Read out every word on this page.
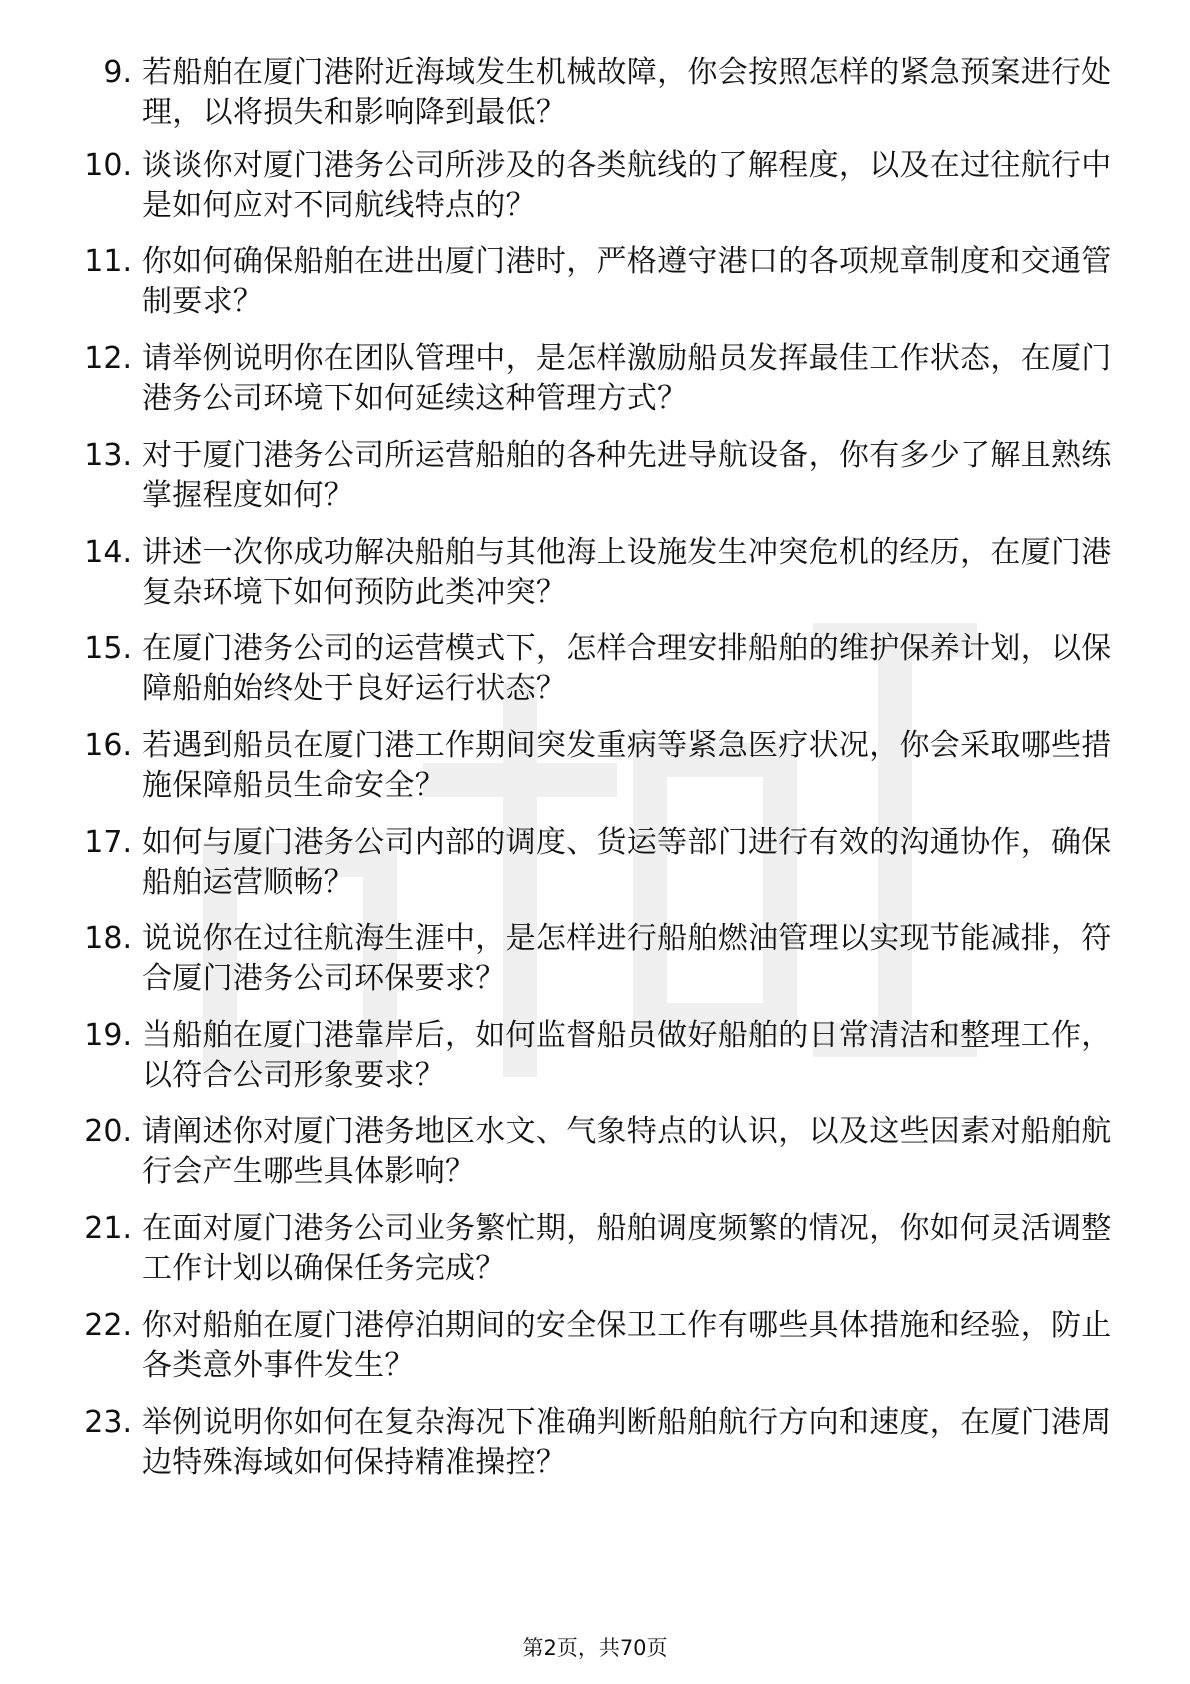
9. 若船舶在厦门港附近海域发生机械故障，你会按照怎样的紧急预案进行处理，以将损失和影响降到最低？
10. 谈谈你对厦门港务公司所涉及的各类航线的了解程度，以及在过往航行中是如何应对不同航线特点的？
11. 你如何确保船舶在进出厦门港时，严格遵守港口的各项规章制度和交通管制要求？
12. 请举例说明你在团队管理中，是怎样激励船员发挥最佳工作状态，在厦门港务公司环境下如何延续这种管理方式？
13. 对于厦门港务公司所运营船舶的各种先进导航设备，你有多少了解且熟练掌握程度如何？
14. 讲述一次你成功解决船舶与其他海上设施发生冲突危机的经历，在厦门港复杂环境下如何预防此类冲突？
15. 在厦门港务公司的运营模式下，怎样合理安排船舶的维护保养计划，以保障船舶始终处于良好运行状态？
16. 若遇到船员在厦门港工作期间突发重病等紧急医疗状况，你会采取哪些措施保障船员生命安全？
17. 如何与厦门港务公司内部的调度、货运等部门进行有效的沟通协作，确保船舶运营顺畅？
18. 说说你在过往航海生涯中，是怎样进行船舶燃油管理以实现节能减排，符合厦门港务公司环保要求？
19. 当船舶在厦门港靠岸后，如何监督船员做好船舶的日常清洁和整理工作，以符合公司形象要求？
20. 请阐述你对厦门港务地区水文、气象特点的认识，以及这些因素对船舶航行会产生哪些具体影响？
21. 在面对厦门港务公司业务繁忙期，船舶调度频繁的情况，你如何灵活调整工作计划以确保任务完成？
22. 你对船舶在厦门港停泊期间的安全保卫工作有哪些具体措施和经验，防止各类意外事件发生？
23. 举例说明你如何在复杂海况下准确判断船舶航行方向和速度，在厦门港周边特殊海域如何保持精准操控？
第2页，共70页
